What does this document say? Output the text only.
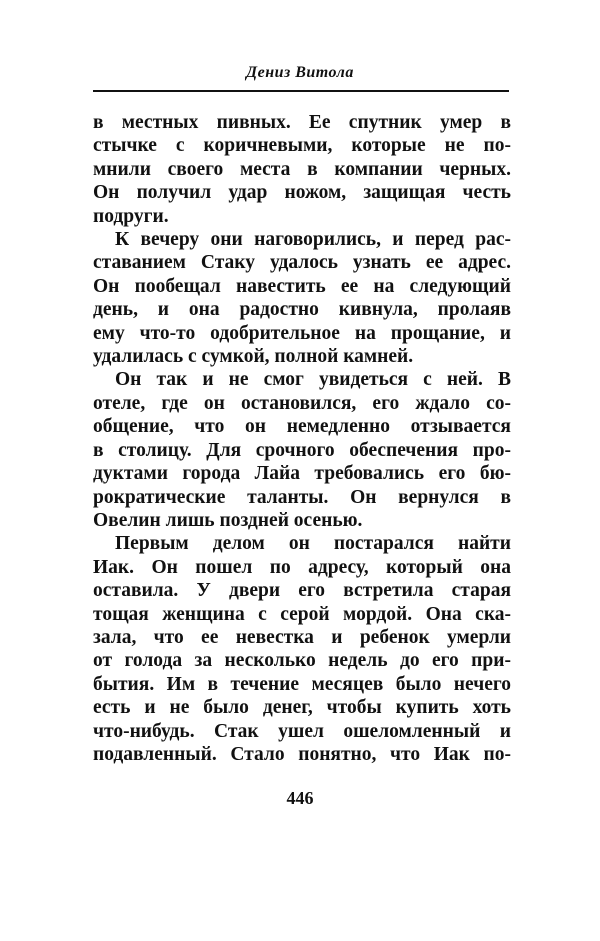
Дениз Витола
в местных пивных. Ее спутник умер в
стычке с коричневыми, которые не по-
мнили своего места в компании черных.
Он получил удар ножом, защищая честь
подруги.
К вечеру они наговорились, и перед рас-
ставанием Стаку удалось узнать ее адрес.
Он пообещал навестить ее на следующий
день, и она радостно кивнула, пролаяв
ему что-то одобрительное на прощание, и
удалилась с сумкой, полной камней.
Он так и не смог увидеться с ней. В
отеле, где он остановился, его ждало со-
общение, что он немедленно отзывается
в столицу. Для срочного обеспечения про-
дуктами города Лайа требовались его бю-
рократические таланты. Он вернулся в
Овелин лишь поздней осенью.
Первым делом он постарался найти
Иак. Он пошел по адресу, который она
оставила. У двери его встретила старая
тощая женщина с серой мордой. Она ска-
зала, что ее невестка и ребенок умерли
от голода за несколько недель до его при-
бытия. Им в течение месяцев было нечего
есть и не было денег, чтобы купить хоть
что-нибудь. Стак ушел ошеломленный и
подавленный. Стало понятно, что Иак по-
446
